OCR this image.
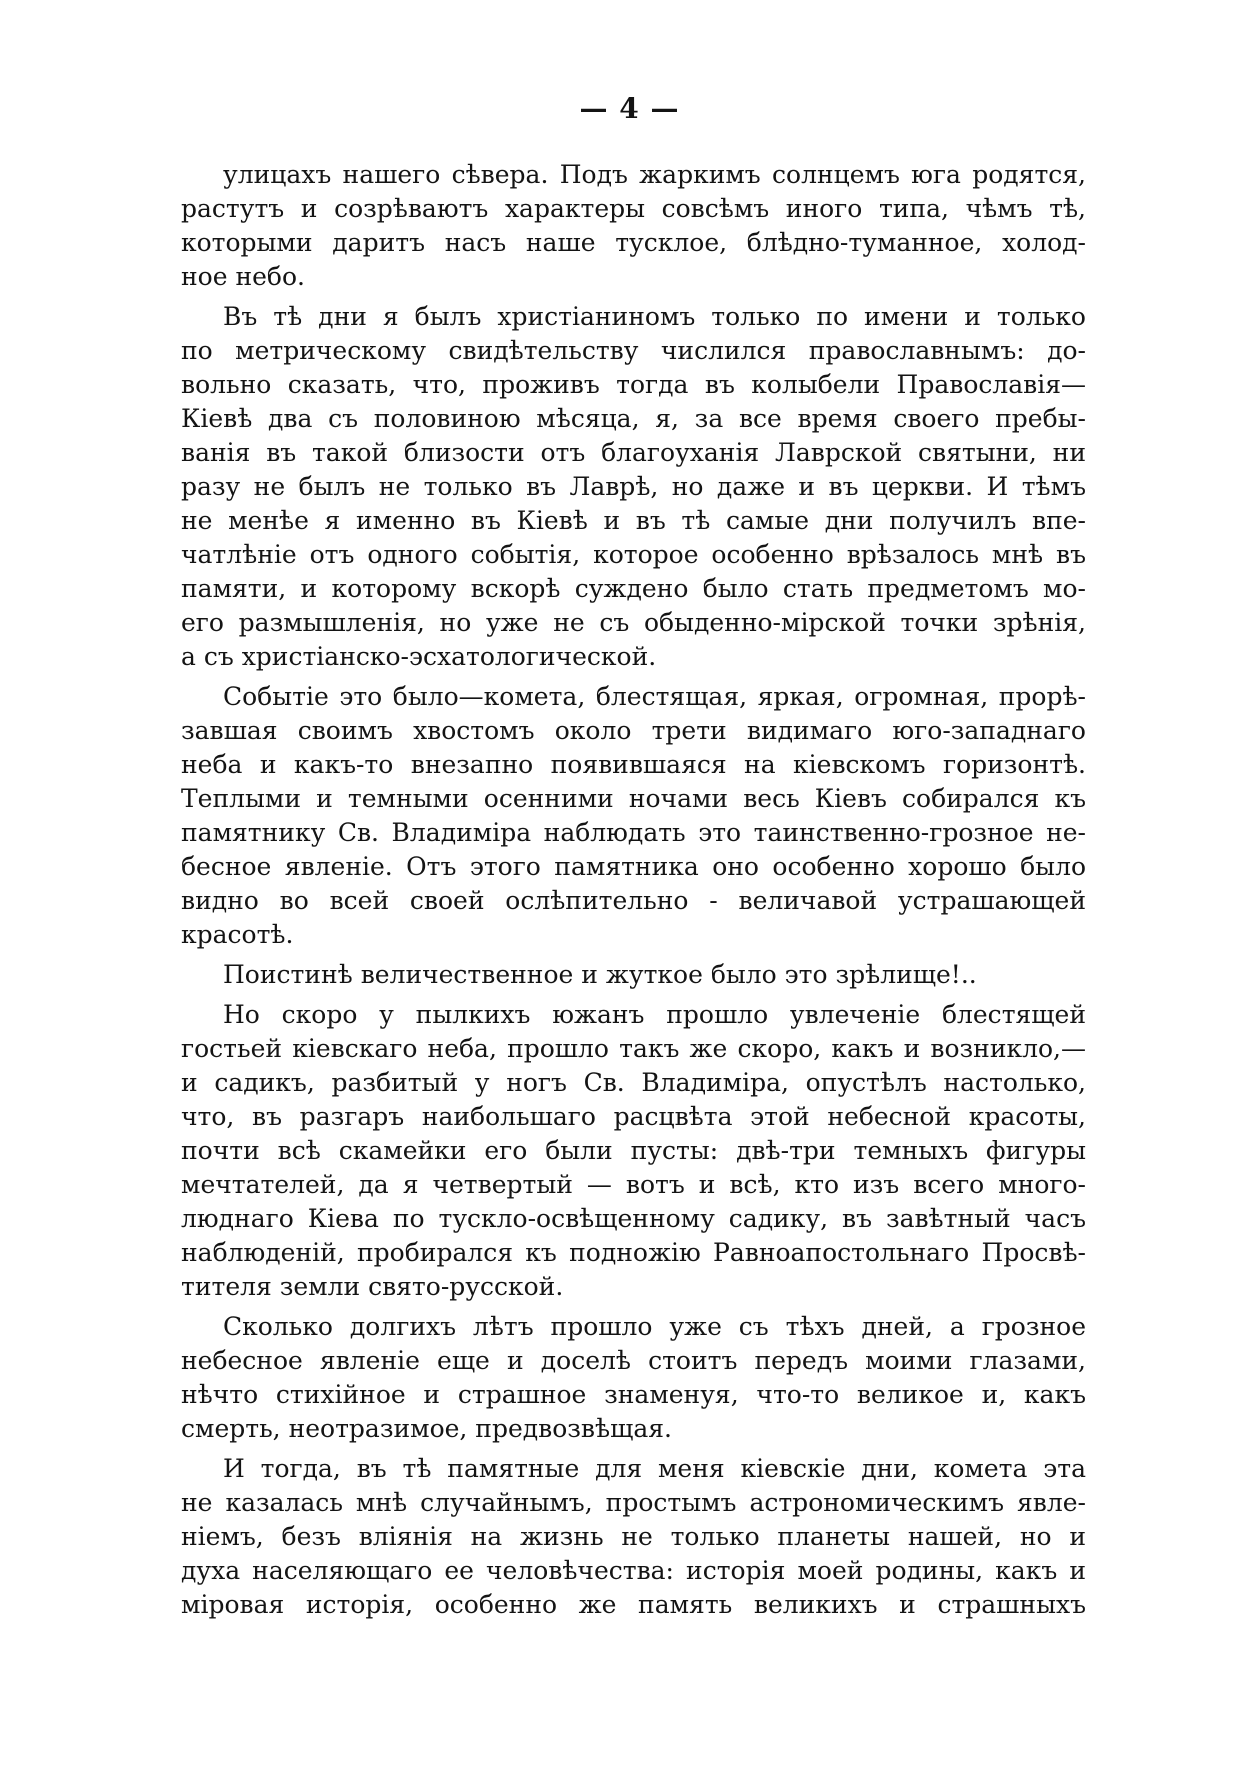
— 4 —
улицахъ нашего сѣвера. Подъ жаркимъ солнцемъ юга родятся,
растутъ и созрѣваютъ характеры совсѣмъ иного типа, чѣмъ тѣ,
которыми даритъ насъ наше тусклое, блѣдно-туманное, холод-
ное небо.
Въ тѣ дни я былъ христіаниномъ только по имени и только
по метрическому свидѣтельству числился православнымъ: до-
вольно сказать, что, проживъ тогда въ колыбели Православія—
Кіевѣ два съ половиною мѣсяца, я, за все время своего пребы-
ванія въ такой близости отъ благоуханія Лаврской святыни, ни
разу не былъ не только въ Лаврѣ, но даже и въ церкви. И тѣмъ
не менѣе я именно въ Кіевѣ и въ тѣ самые дни получилъ впе-
чатлѣніе отъ одного событія, которое особенно врѣзалось мнѣ въ
памяти, и которому вскорѣ суждено было стать предметомъ мо-
его размышленія, но уже не съ обыденно-мірской точки зрѣнія,
а съ христіанско-эсхатологической.
Событіе это было—комета, блестящая, яркая, огромная, прорѣ-
завшая своимъ хвостомъ около трети видимаго юго-западнаго
неба и какъ-то внезапно появившаяся на кіевскомъ горизонтѣ.
Теплыми и темными осенними ночами весь Кіевъ собирался къ
памятнику Св. Владиміра наблюдать это таинственно-грозное не-
бесное явленіе. Отъ этого памятника оно особенно хорошо было
видно во всей своей ослѣпительно - величавой устрашающей
красотѣ.
Поистинѣ величественное и жуткое было это зрѣлище!..
Но скоро у пылкихъ южанъ прошло увлеченіе блестящей
гостьей кіевскаго неба, прошло такъ же скоро, какъ и возникло,—
и садикъ, разбитый у ногъ Св. Владиміра, опустѣлъ настолько,
что, въ разгаръ наибольшаго расцвѣта этой небесной красоты,
почти всѣ скамейки его были пусты: двѣ-три темныхъ фигуры
мечтателей, да я четвертый — вотъ и всѣ, кто изъ всего много-
люднаго Кіева по тускло-освѣщенному садику, въ завѣтный часъ
наблюденій, пробирался къ подножію Равноапостольнаго Просвѣ-
тителя земли свято-русской.
Сколько долгихъ лѣтъ прошло уже съ тѣхъ дней, а грозное
небесное явленіе еще и доселѣ стоитъ передъ моими глазами,
нѣчто стихійное и страшное знаменуя, что-то великое и, какъ
смерть, неотразимое, предвозвѣщая.
И тогда, въ тѣ памятные для меня кіевскіе дни, комета эта
не казалась мнѣ случайнымъ, простымъ астрономическимъ явле-
ніемъ, безъ вліянія на жизнь не только планеты нашей, но и
духа населяющаго ее человѣчества: исторія моей родины, какъ и
міровая исторія, особенно же память великихъ и страшныхъ
